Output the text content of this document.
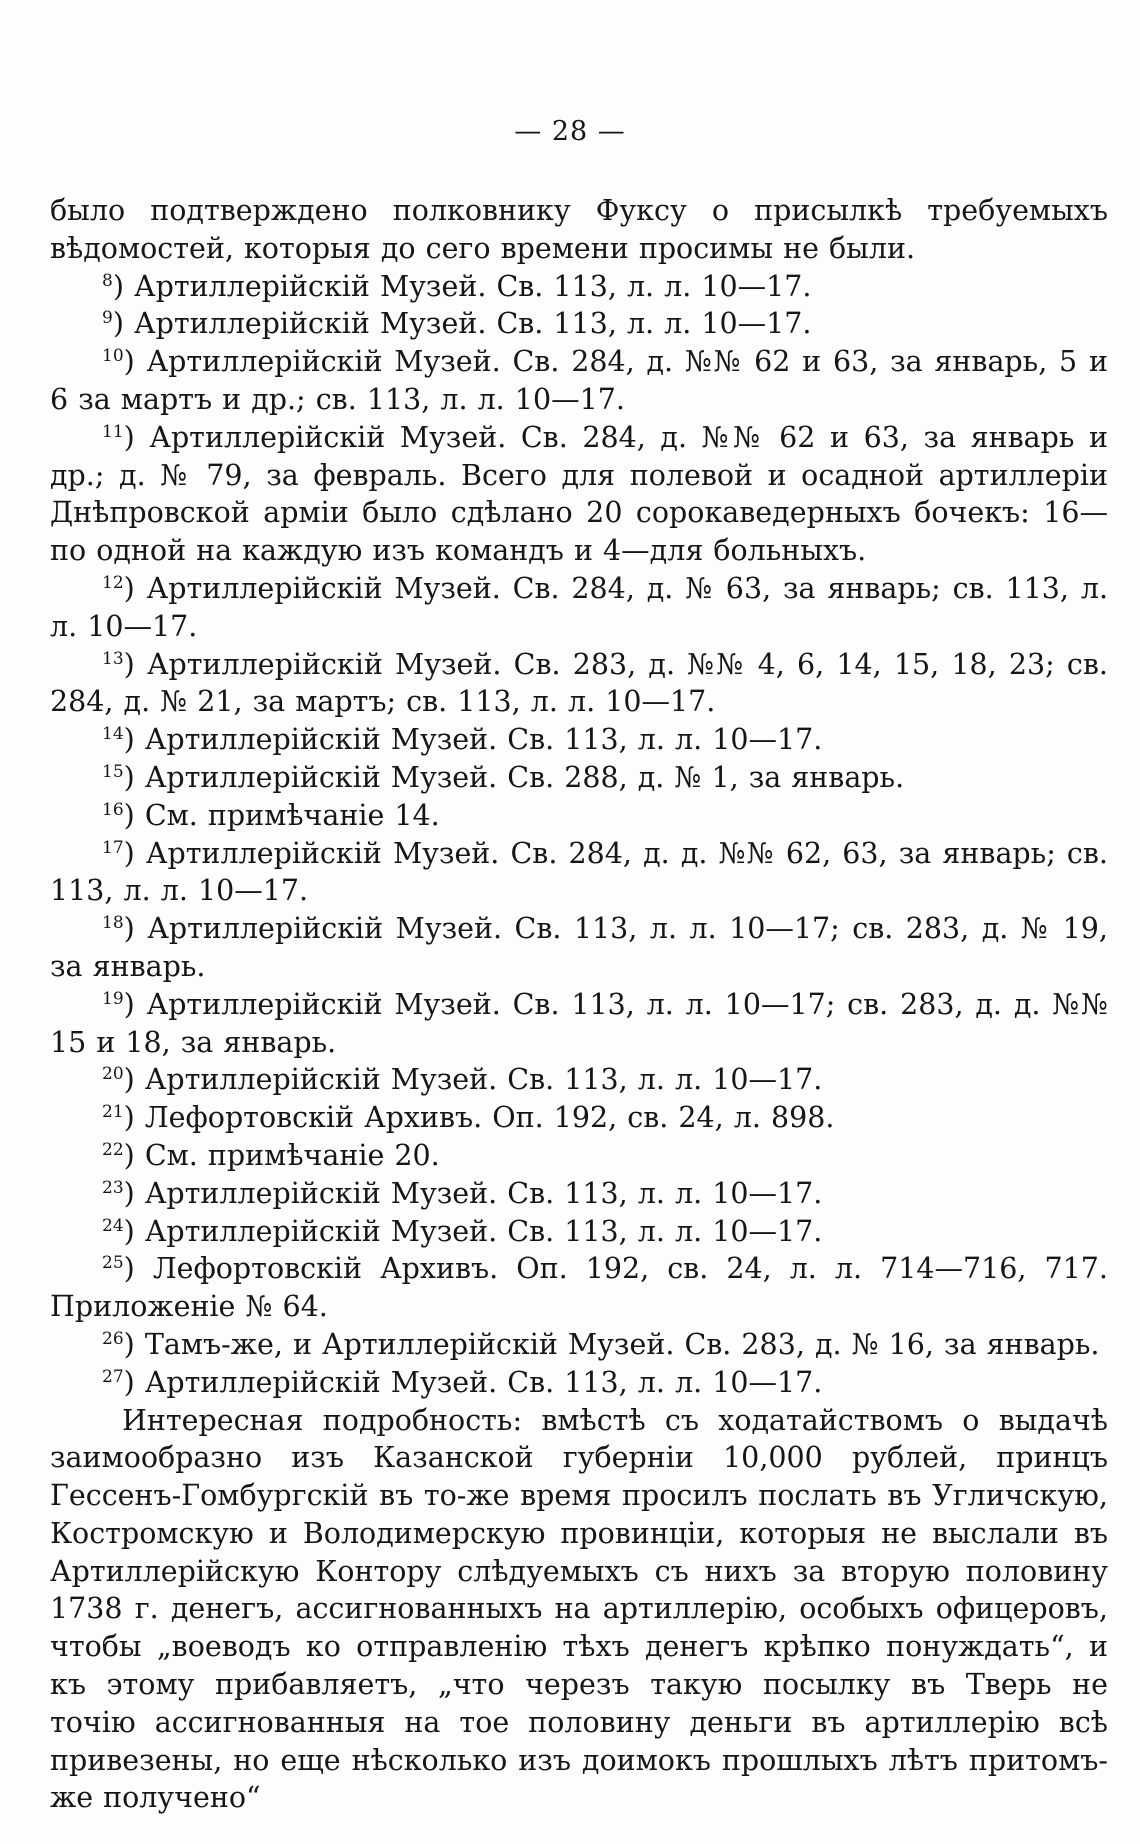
— 28 —

было подтверждено полковнику Фуксу о присылкѣ требуемыхъ вѣдомостей, которыя до сего времени просимы не были.

$^8$) Артиллерійскій Музей. Св. 113, л. л. 10—17.

$^9$) Артиллерійскій Музей. Св. 113, л. л. 10—17.

$^{10}$) Артиллерійскій Музей. Св. 284, д. №№ 62 и 63, за январь, 5 и 6 за мартъ и др.; св. 113, л. л. 10—17.

$^{11}$) Артиллерійскій Музей. Св. 284, д. №№ 62 и 63, за январь и др.; д. № 79, за февраль. Всего для полевой и осадной артиллеріи Днѣпровской арміи было сдѣлано 20 сорокаведерныхъ бочекъ: 16—по одной на каждую изъ командъ и 4—для больныхъ.

$^{12}$) Артиллерійскій Музей. Св. 284, д. № 63, за январь; св. 113, л. л. 10—17.

$^{13}$) Артиллерійскій Музей. Св. 283, д. №№ 4, 6, 14, 15, 18, 23; св. 284, д. № 21, за мартъ; св. 113, л. л. 10—17.

$^{14}$) Артиллерійскій Музей. Св. 113, л. л. 10—17.

$^{15}$) Артиллерійскій Музей. Св. 288, д. № 1, за январь.

$^{16}$) См. примѣчаніе 14.

$^{17}$) Артиллерійскій Музей. Св. 284, д. д. №№ 62, 63, за январь; св. 113, л. л. 10—17.

$^{18}$) Артиллерійскій Музей. Св. 113, л. л. 10—17; св. 283, д. № 19, за январь.

$^{19}$) Артиллерійскій Музей. Св. 113, л. л. 10—17; св. 283, д. д. №№ 15 и 18, за январь.

$^{20}$) Артиллерійскій Музей. Св. 113, л. л. 10—17.

$^{21}$) Лефортовскій Архивъ. Оп. 192, св. 24, л. 898.

$^{22}$) См. примѣчаніе 20.

$^{23}$) Артиллерійскій Музей. Св. 113, л. л. 10—17.

$^{24}$) Артиллерійскій Музей. Св. 113, л. л. 10—17.

$^{25}$) Лефортовскій Архивъ. Оп. 192, св. 24, л. л. 714—716, 717. Приложеніе № 64.

$^{26}$) Тамъ-же, и Артиллерійскій Музей. Св. 283, д. № 16, за январь.

$^{27}$) Артиллерійскій Музей. Св. 113, л. л. 10—17.

Интересная подробность: вмѣстѣ съ ходатайствомъ о выдачѣ заимообразно изъ Казанской губерніи 10,000 рублей, принцъ Гессенъ-Гомбургскій въ то-же время просилъ послать въ Угличскую, Костромскую и Володимерскую провинціи, которыя не выслали въ Артиллерійскую Контору слѣдуемыхъ съ нихъ за вторую половину 1738 г. денегъ, ассигнованныхъ на артиллерію, особыхъ офицеровъ, чтобы „воеводъ ко отправленію тѣхъ денегъ крѣпко понуждать“, и къ этому прибавляетъ, „что черезъ такую посылку въ Тверь не точію ассигнованныя на тое половину деньги въ артиллерію всѣ привезены, но еще нѣсколько изъ доимокъ прошлыхъ лѣтъ притомъ-же получено“
